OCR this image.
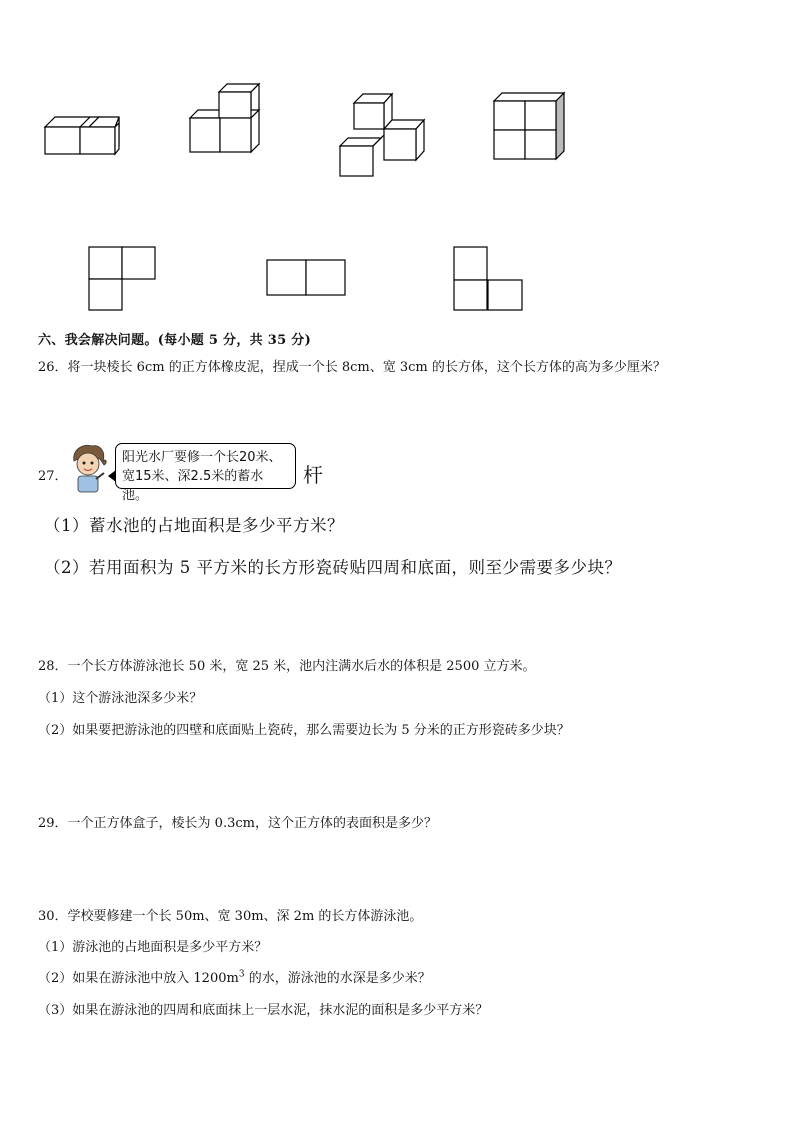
六、我会解决问题。(每小题 5 分，共 35 分)
26．将一块棱长 6cm 的正方体橡皮泥，捏成一个长 8cm、宽 3cm 的长方体，这个长方体的高为多少厘米？
27．
阳光水厂要修一个长20米、
宽15米、深2.5米的蓄水池。
杆
（1）蓄水池的占地面积是多少平方米？
（2）若用面积为 5 平方米的长方形瓷砖贴四周和底面，则至少需要多少块？
28．一个长方体游泳池长 50 米，宽 25 米，池内注满水后水的体积是 2500 立方米。
（1）这个游泳池深多少米？
（2）如果要把游泳池的四壁和底面贴上瓷砖，那么需要边长为 5 分米的正方形瓷砖多少块？
29．一个正方体盒子，棱长为 0.3cm，这个正方体的表面积是多少？
30．学校要修建一个长 50m、宽 30m、深 2m 的长方体游泳池。
（1）游泳池的占地面积是多少平方米？
（2）如果在游泳池中放入 $1200m^3$ 的水，游泳池的水深是多少米？
（3）如果在游泳池的四周和底面抹上一层水泥，抹水泥的面积是多少平方米？
